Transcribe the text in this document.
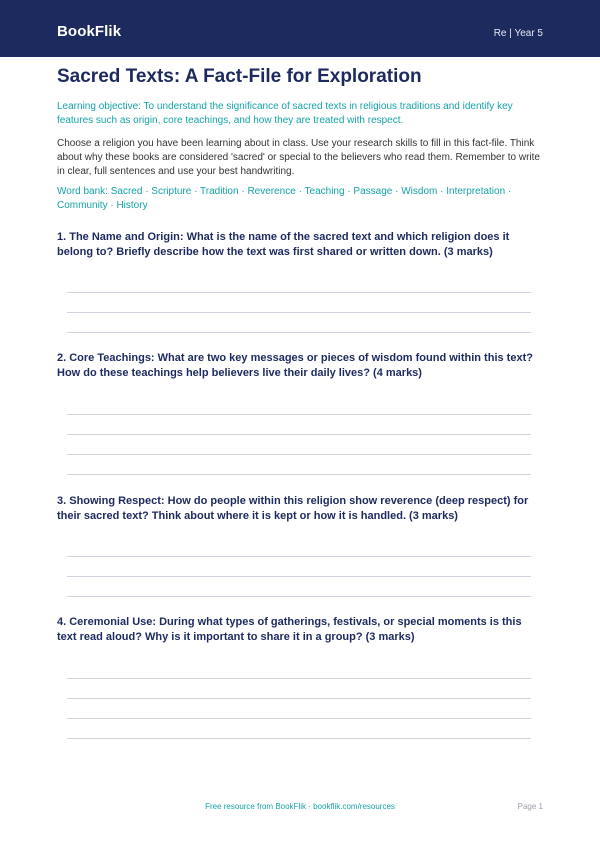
BookFlik	Re | Year 5
Sacred Texts: A Fact-File for Exploration
Learning objective: To understand the significance of sacred texts in religious traditions and identify key features such as origin, core teachings, and how they are treated with respect.
Choose a religion you have been learning about in class. Use your research skills to fill in this fact-file. Think about why these books are considered 'sacred' or special to the believers who read them. Remember to write in clear, full sentences and use your best handwriting.
Word bank: Sacred · Scripture · Tradition · Reverence · Teaching · Passage · Wisdom · Interpretation · Community · History
1. The Name and Origin: What is the name of the sacred text and which religion does it belong to? Briefly describe how the text was first shared or written down. (3 marks)
2. Core Teachings: What are two key messages or pieces of wisdom found within this text? How do these teachings help believers live their daily lives? (4 marks)
3. Showing Respect: How do people within this religion show reverence (deep respect) for their sacred text? Think about where it is kept or how it is handled. (3 marks)
4. Ceremonial Use: During what types of gatherings, festivals, or special moments is this text read aloud? Why is it important to share it in a group? (3 marks)
Free resource from BookFlik · bookflik.com/resources	Page 1
